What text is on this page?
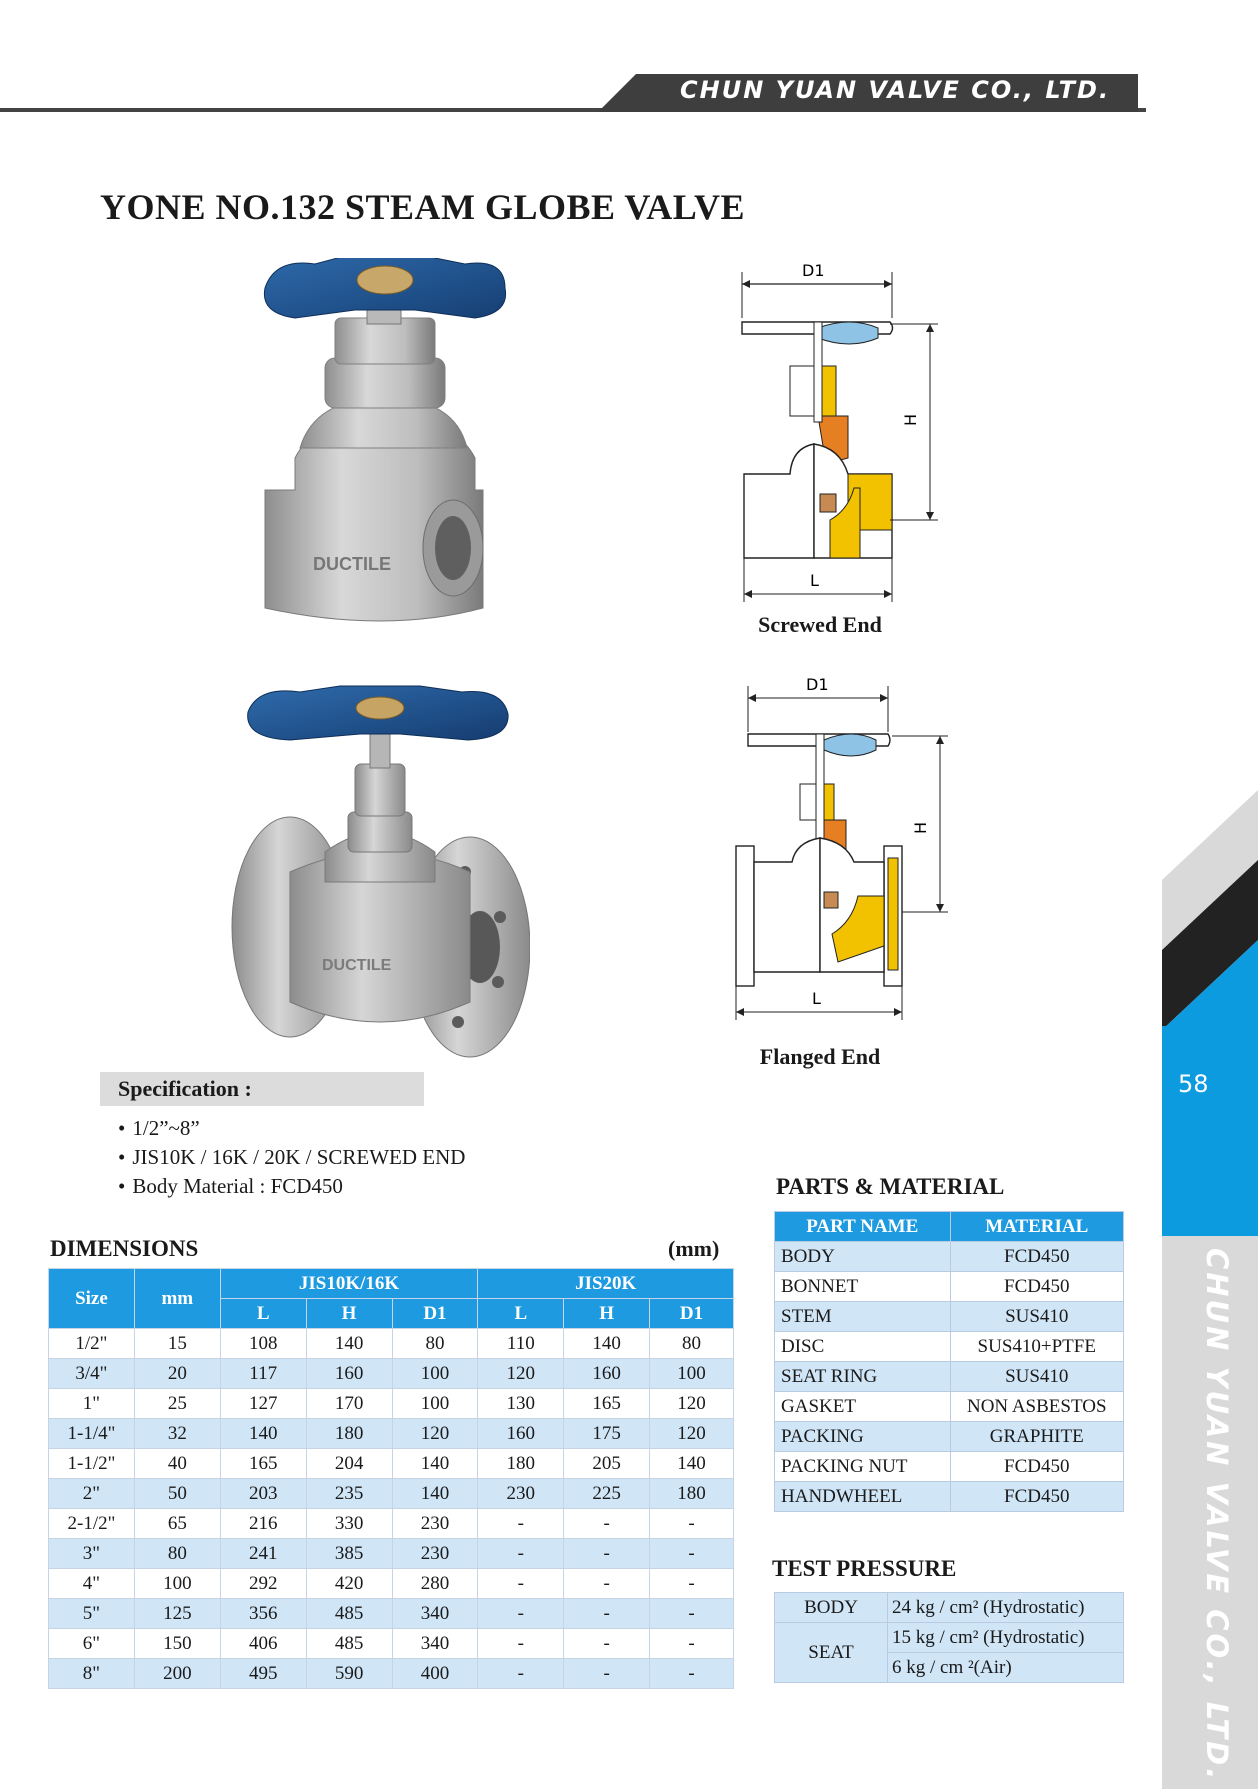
CHUN YUAN VALVE CO., LTD.
YONE NO.132 STEAM GLOBE VALVE
DUCTILE
DUCTILE
D1
H
L
Screwed End
D1
H
L
Flanged End
Specification :
• 1/2”~8”
• JIS10K / 16K / 20K / SCREWED END
• Body Material : FCD450
DIMENSIONS	(mm)
Size	mm	JIS10K/16K			JIS20K		
		L	H	D1	L	H	D1
1/2"	15	108	140	80	110	140	80
3/4"	20	117	160	100	120	160	100
1"	25	127	170	100	130	165	120
1-1/4"	32	140	180	120	160	175	120
1-1/2"	40	165	204	140	180	205	140
2"	50	203	235	140	230	225	180
2-1/2"	65	216	330	230	-	-	-
3"	80	241	385	230	-	-	-
4"	100	292	420	280	-	-	-
5"	125	356	485	340	-	-	-
6"	150	406	485	340	-	-	-
8"	200	495	590	400	-	-	-
PARTS & MATERIAL
PART NAME	MATERIAL
BODY	FCD450
BONNET	FCD450
STEM	SUS410
DISC	SUS410+PTFE
SEAT RING	SUS410
GASKET	NON ASBESTOS
PACKING	GRAPHITE
PACKING NUT	FCD450
HANDWHEEL	FCD450
TEST PRESSURE
BODY	24 kg / cm² (Hydrostatic)
SEAT	15 kg / cm² (Hydrostatic)
	6 kg / cm ²(Air)
58
CHUN YUAN VALVE CO., LTD.
